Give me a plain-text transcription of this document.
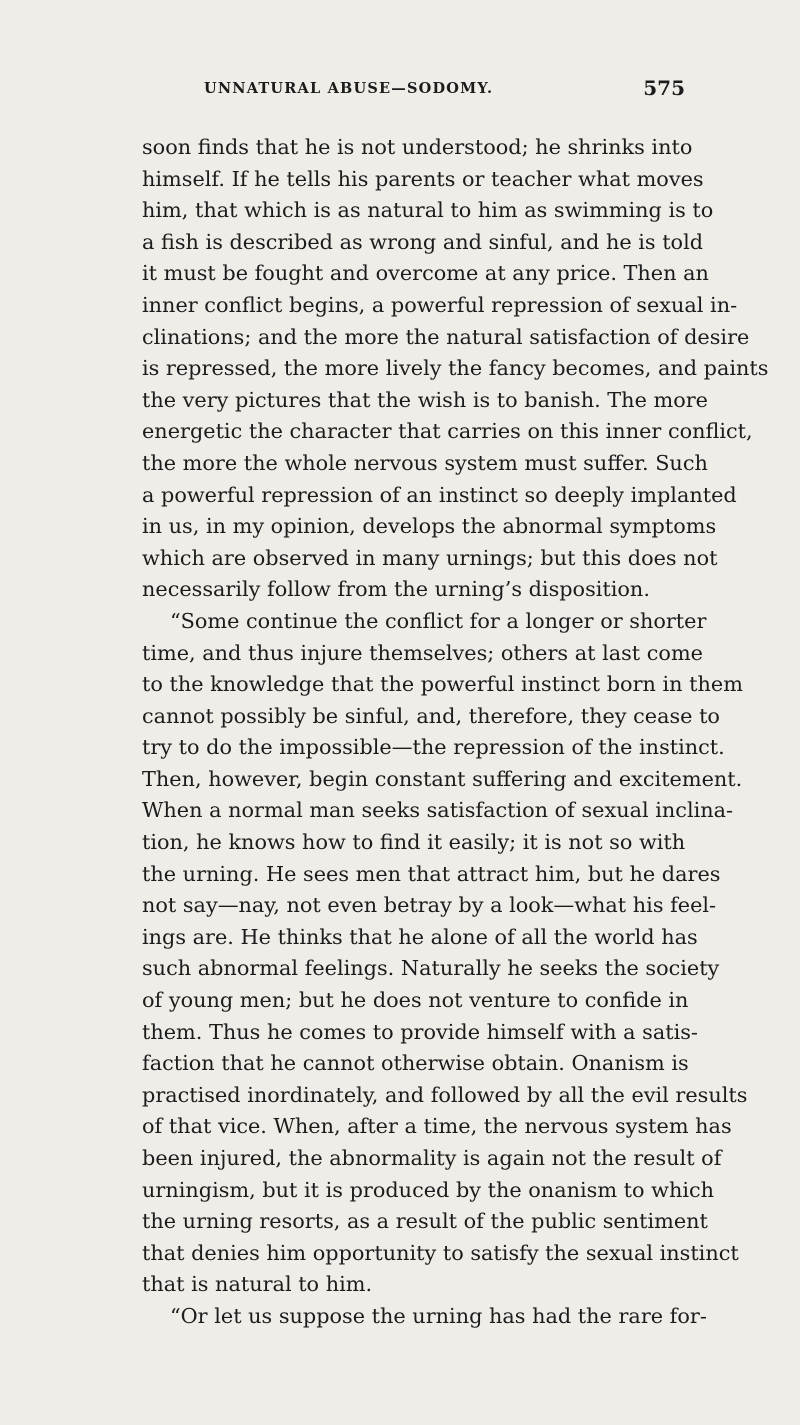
UNNATURAL ABUSE—SODOMY.	575
soon finds that he is not understood; he shrinks into
himself. If he tells his parents or teacher what moves
him, that which is as natural to him as swimming is to
a fish is described as wrong and sinful, and he is told
it must be fought and overcome at any price. Then an
inner conflict begins, a powerful repression of sexual in-
clinations; and the more the natural satisfaction of desire
is repressed, the more lively the fancy becomes, and paints
the very pictures that the wish is to banish. The more
energetic the character that carries on this inner conflict,
the more the whole nervous system must suffer. Such
a powerful repression of an instinct so deeply implanted
in us, in my opinion, develops the abnormal symptoms
which are observed in many urnings; but this does not
necessarily follow from the urning’s disposition.
“Some continue the conflict for a longer or shorter
time, and thus injure themselves; others at last come
to the knowledge that the powerful instinct born in them
cannot possibly be sinful, and, therefore, they cease to
try to do the impossible—the repression of the instinct.
Then, however, begin constant suffering and excitement.
When a normal man seeks satisfaction of sexual inclina-
tion, he knows how to find it easily; it is not so with
the urning. He sees men that attract him, but he dares
not say—nay, not even betray by a look—what his feel-
ings are. He thinks that he alone of all the world has
such abnormal feelings. Naturally he seeks the society
of young men; but he does not venture to confide in
them. Thus he comes to provide himself with a satis-
faction that he cannot otherwise obtain. Onanism is
practised inordinately, and followed by all the evil results
of that vice. When, after a time, the nervous system has
been injured, the abnormality is again not the result of
urningism, but it is produced by the onanism to which
the urning resorts, as a result of the public sentiment
that denies him opportunity to satisfy the sexual instinct
that is natural to him.
“Or let us suppose the urning has had the rare for-
